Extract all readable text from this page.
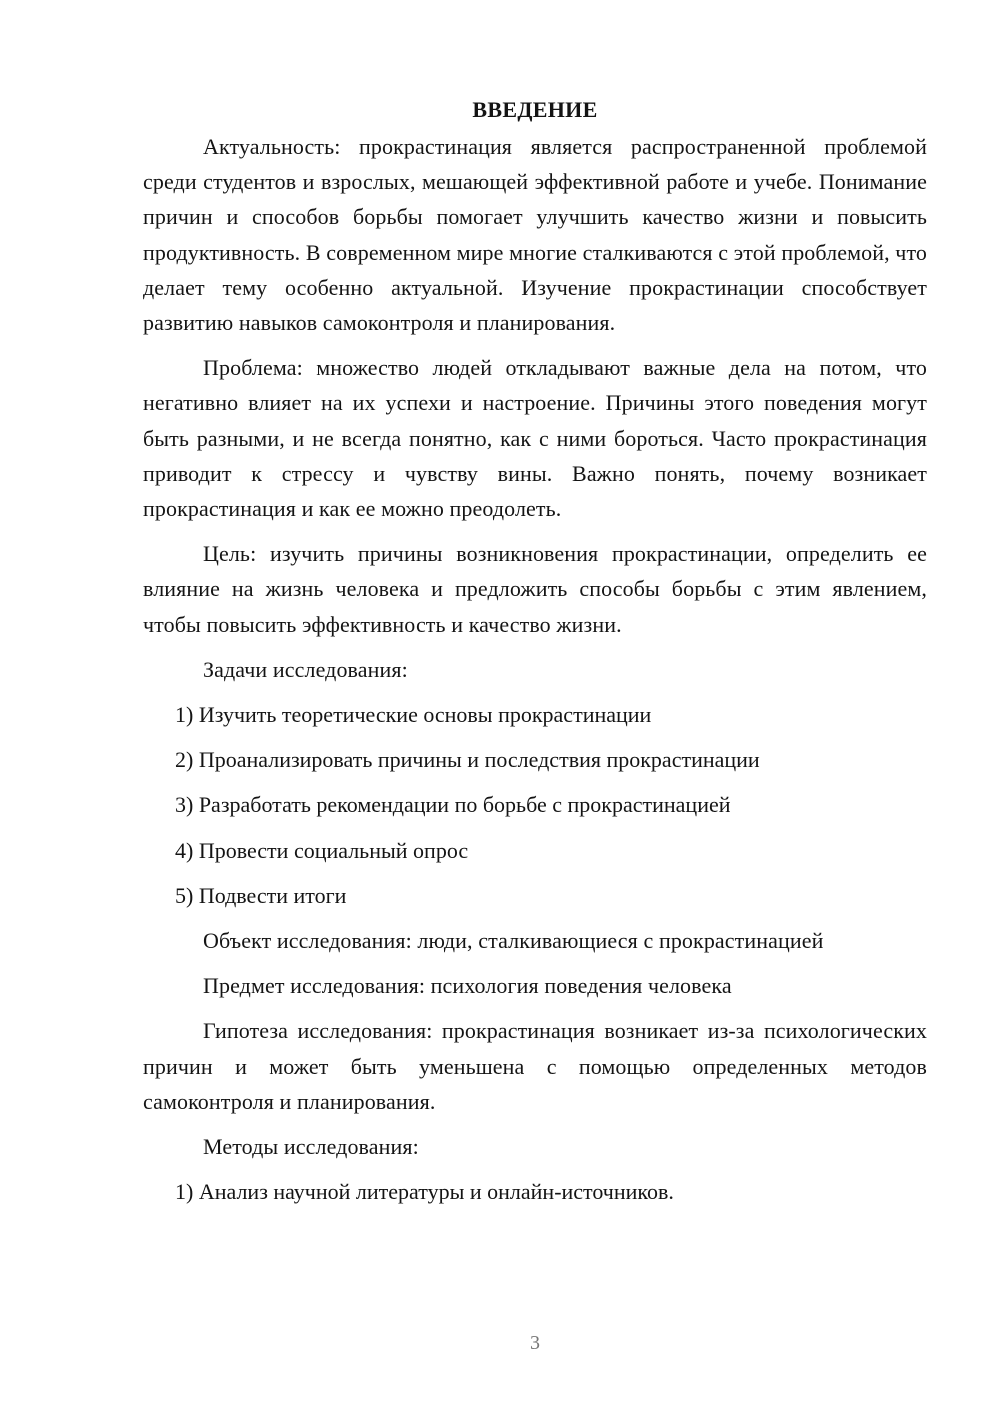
ВВЕДЕНИЕ

Актуальность: прокрастинация является распространенной проблемой среди студентов и взрослых, мешающей эффективной работе и учебе. Понимание причин и способов борьбы помогает улучшить качество жизни и повысить продуктивность. В современном мире многие сталкиваются с этой проблемой, что делает тему особенно актуальной. Изучение прокрастинации способствует развитию навыков самоконтроля и планирования.

Проблема: множество людей откладывают важные дела на потом, что негативно влияет на их успехи и настроение. Причины этого поведения могут быть разными, и не всегда понятно, как с ними бороться. Часто прокрастинация приводит к стрессу и чувству вины. Важно понять, почему возникает прокрастинация и как ее можно преодолеть.

Цель: изучить причины возникновения прокрастинации, определить ее влияние на жизнь человека и предложить способы борьбы с этим явлением, чтобы повысить эффективность и качество жизни.

Задачи исследования:

1) Изучить теоретические основы прокрастинации
2) Проанализировать причины и последствия прокрастинации
3) Разработать рекомендации по борьбе с прокрастинацией
4) Провести социальный опрос
5) Подвести итоги

Объект исследования: люди, сталкивающиеся с прокрастинацией

Предмет исследования: психология поведения человека

Гипотеза исследования: прокрастинация возникает из-за психологических причин и может быть уменьшена с помощью определенных методов самоконтроля и планирования.

Методы исследования:

1) Анализ научной литературы и онлайн-источников.
3
